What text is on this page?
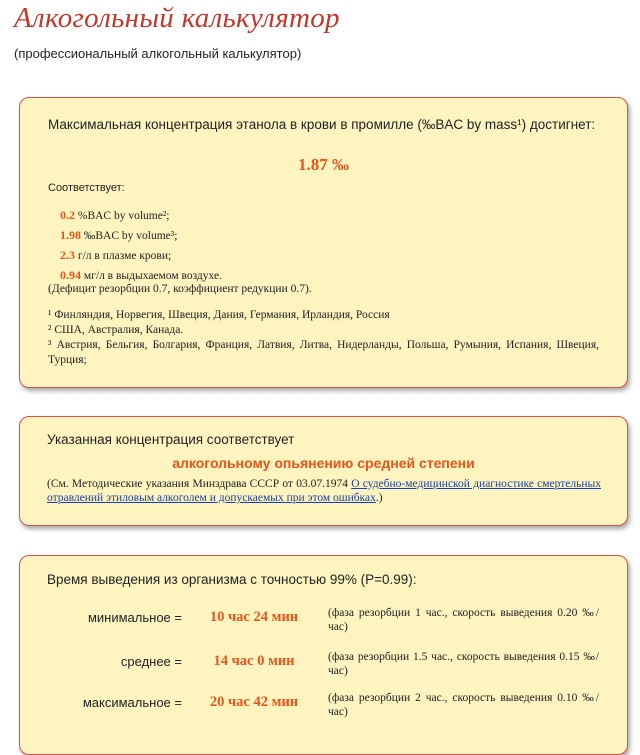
Алкогольный калькулятор

(профессиональный алкогольный калькулятор)

Максимальная концентрация этанола в крови в промилле (‰BAC by mass¹) достигнет:
1.87 ‰
Соответствует:
0.2 %BAC by volume²;
1.98 ‰BAC by volume³;
2.3 г/л в плазме крови;
0.94 мг/л в выдыхаемом воздухе.
(Дефицит резорбции 0.7, коэффициент редукции 0.7).
¹ Финляндия, Норвегия, Швеция, Дания, Германия, Ирландия, Россия
² США, Австралия, Канада.
³ Австрия, Бельгия, Болгария, Франция, Латвия, Литва, Нидерланды, Польша, Румыния, Испания, Швеция, Турция;
Указанная концентрация соответствует
алкогольному опьянению средней степени
(См. Методические указания Минздрава СССР от 03.07.1974 О судебно-медицинской диагностике смертельных отравлений этиловым алкоголем и допускаемых при этом ошибках.)
Время выведения из организма с точностью 99% (P=0.99):
минимальное =	10 час 24 мин	(фаза резорбции 1 час., скорость выведения 0.20 ‰/час)
среднее =	14 час 0 мин	(фаза резорбции 1.5 час., скорость выведения 0.15 ‰/час)
максимальное =	20 час 42 мин	(фаза резорбции 2 час., скорость выведения 0.10 ‰/час)
